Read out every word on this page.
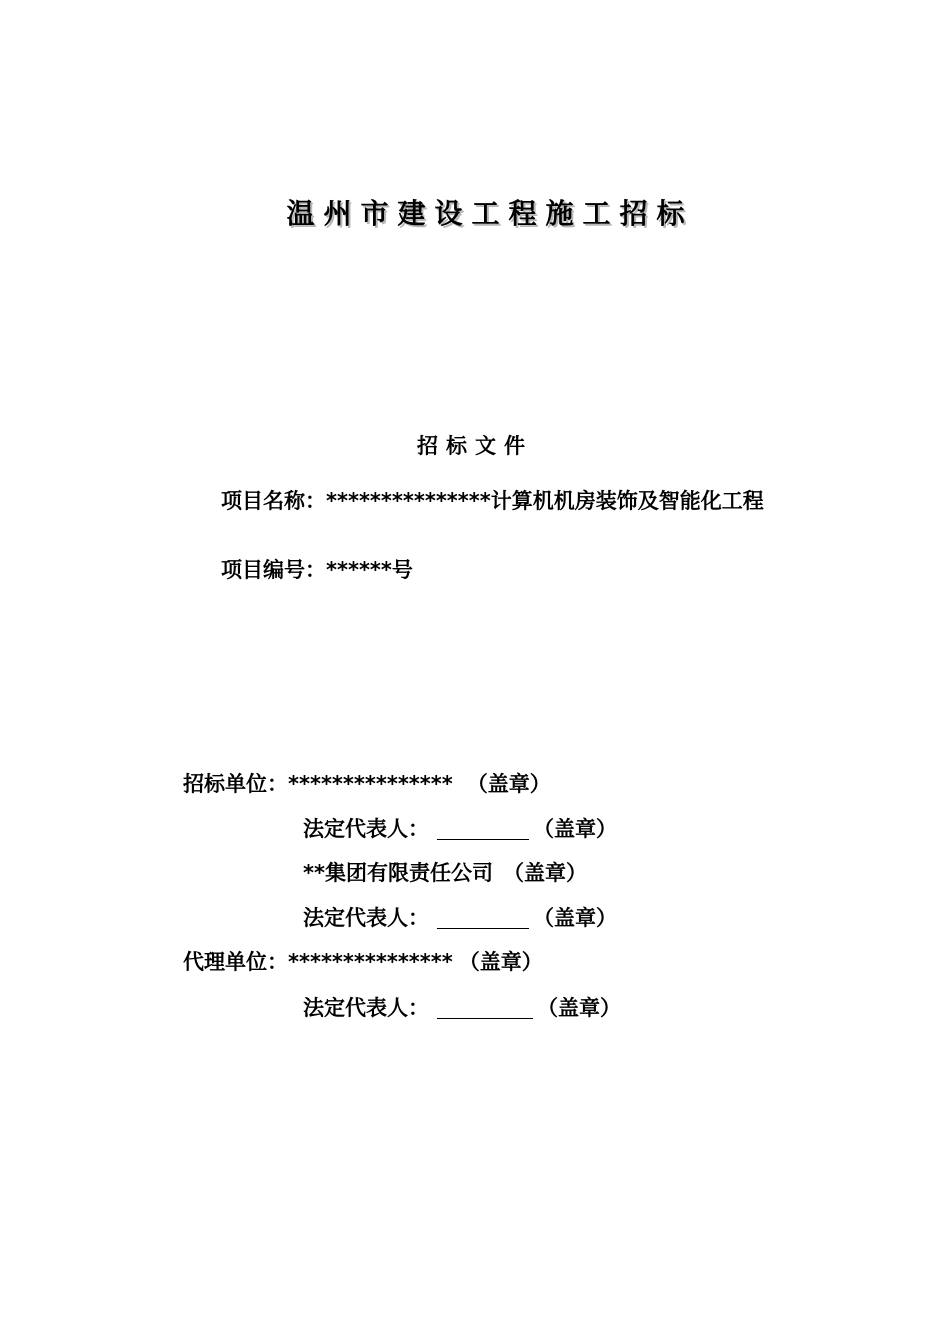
温州市建设工程施工招标
招标文件
项目名称：***************计算机机房装饰及智能化工程
项目编号：******号
招标单位：*************** （盖章）
法定代表人：	（盖章）
**集团有限责任公司 （盖章）
法定代表人：	（盖章）
代理单位：*************** （盖章）
法定代表人：	（盖章）
